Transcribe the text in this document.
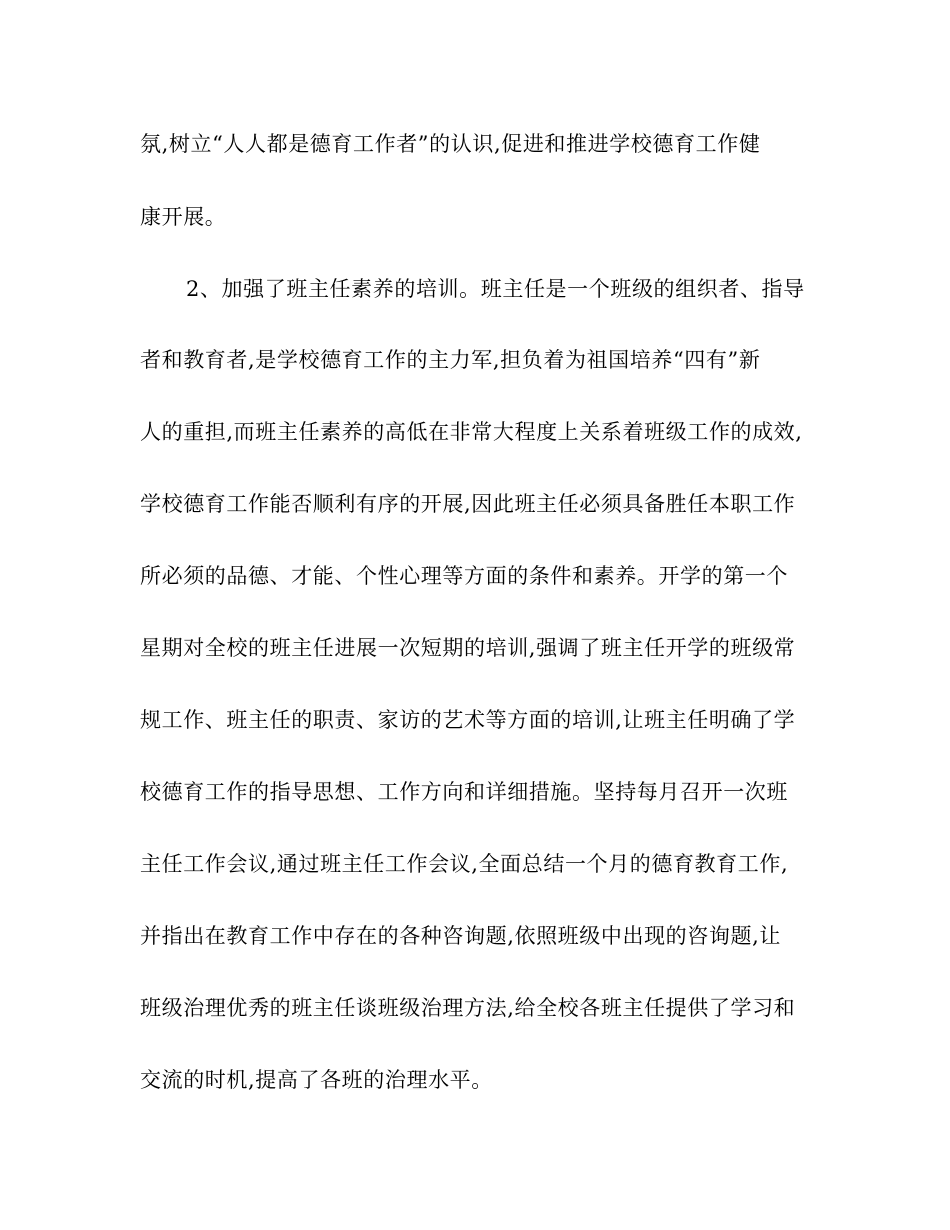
氛,树立“人人都是德育工作者”的认识,促进和推进学校德育工作健
康开展。
2、加强了班主任素养的培训。班主任是一个班级的组织者、指导
者和教育者,是学校德育工作的主力军,担负着为祖国培养“四有”新
人的重担,而班主任素养的高低在非常大程度上关系着班级工作的成效,
学校德育工作能否顺利有序的开展,因此班主任必须具备胜任本职工作
所必须的品德、才能、个性心理等方面的条件和素养。开学的第一个
星期对全校的班主任进展一次短期的培训,强调了班主任开学的班级常
规工作、班主任的职责、家访的艺术等方面的培训,让班主任明确了学
校德育工作的指导思想、工作方向和详细措施。坚持每月召开一次班
主任工作会议,通过班主任工作会议,全面总结一个月的德育教育工作,
并指出在教育工作中存在的各种咨询题,依照班级中出现的咨询题,让
班级治理优秀的班主任谈班级治理方法,给全校各班主任提供了学习和
交流的时机,提高了各班的治理水平。
